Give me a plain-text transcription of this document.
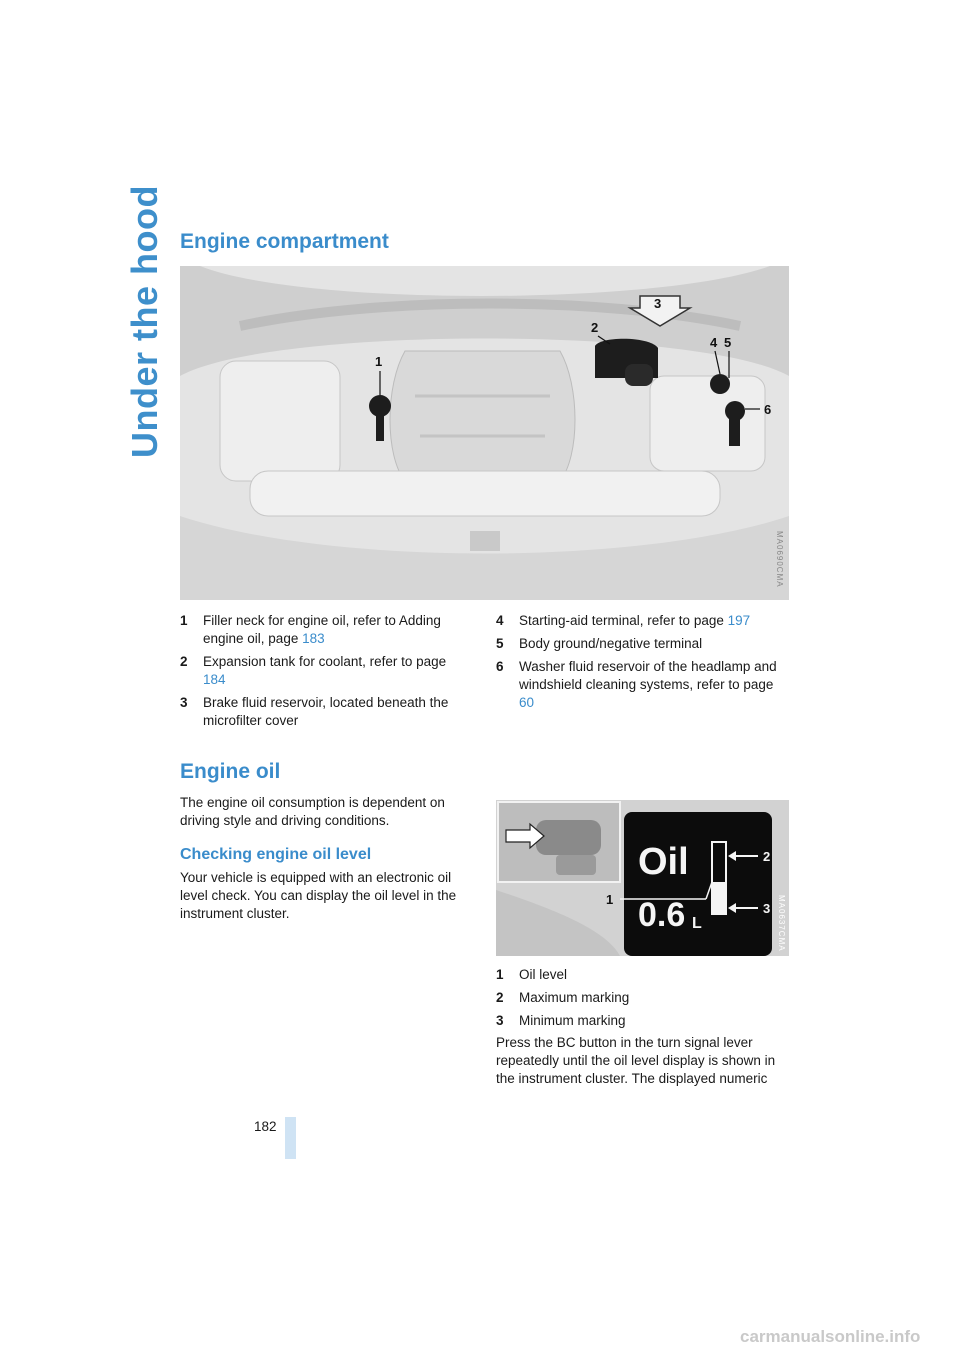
Under the hood Engine compartment
1
2
3
4 5
6
MA0690CMA
1 Filler neck for engine oil, refer to Adding engine oil, page 183
2 Expansion tank for coolant, refer to page 184
3 Brake fluid reservoir, located beneath the microfilter cover
4 Starting-aid terminal, refer to page 197
5 Body ground/negative terminal
6 Washer fluid reservoir of the headlamp and windshield cleaning systems, refer to page 60
Engine oil

The engine oil consumption is dependent on driving style and driving conditions.

Checking engine oil level

Your vehicle is equipped with an electronic oil level check. You can display the oil level in the instrument cluster.

Oil
0.6 L
1
2
3 MA0637CMA
1 Oil level
2 Maximum marking
3 Minimum marking

Press the BC button in the turn signal lever repeatedly until the oil level display is shown in the instrument cluster. The displayed numeric

182
carmanualsonline.info
